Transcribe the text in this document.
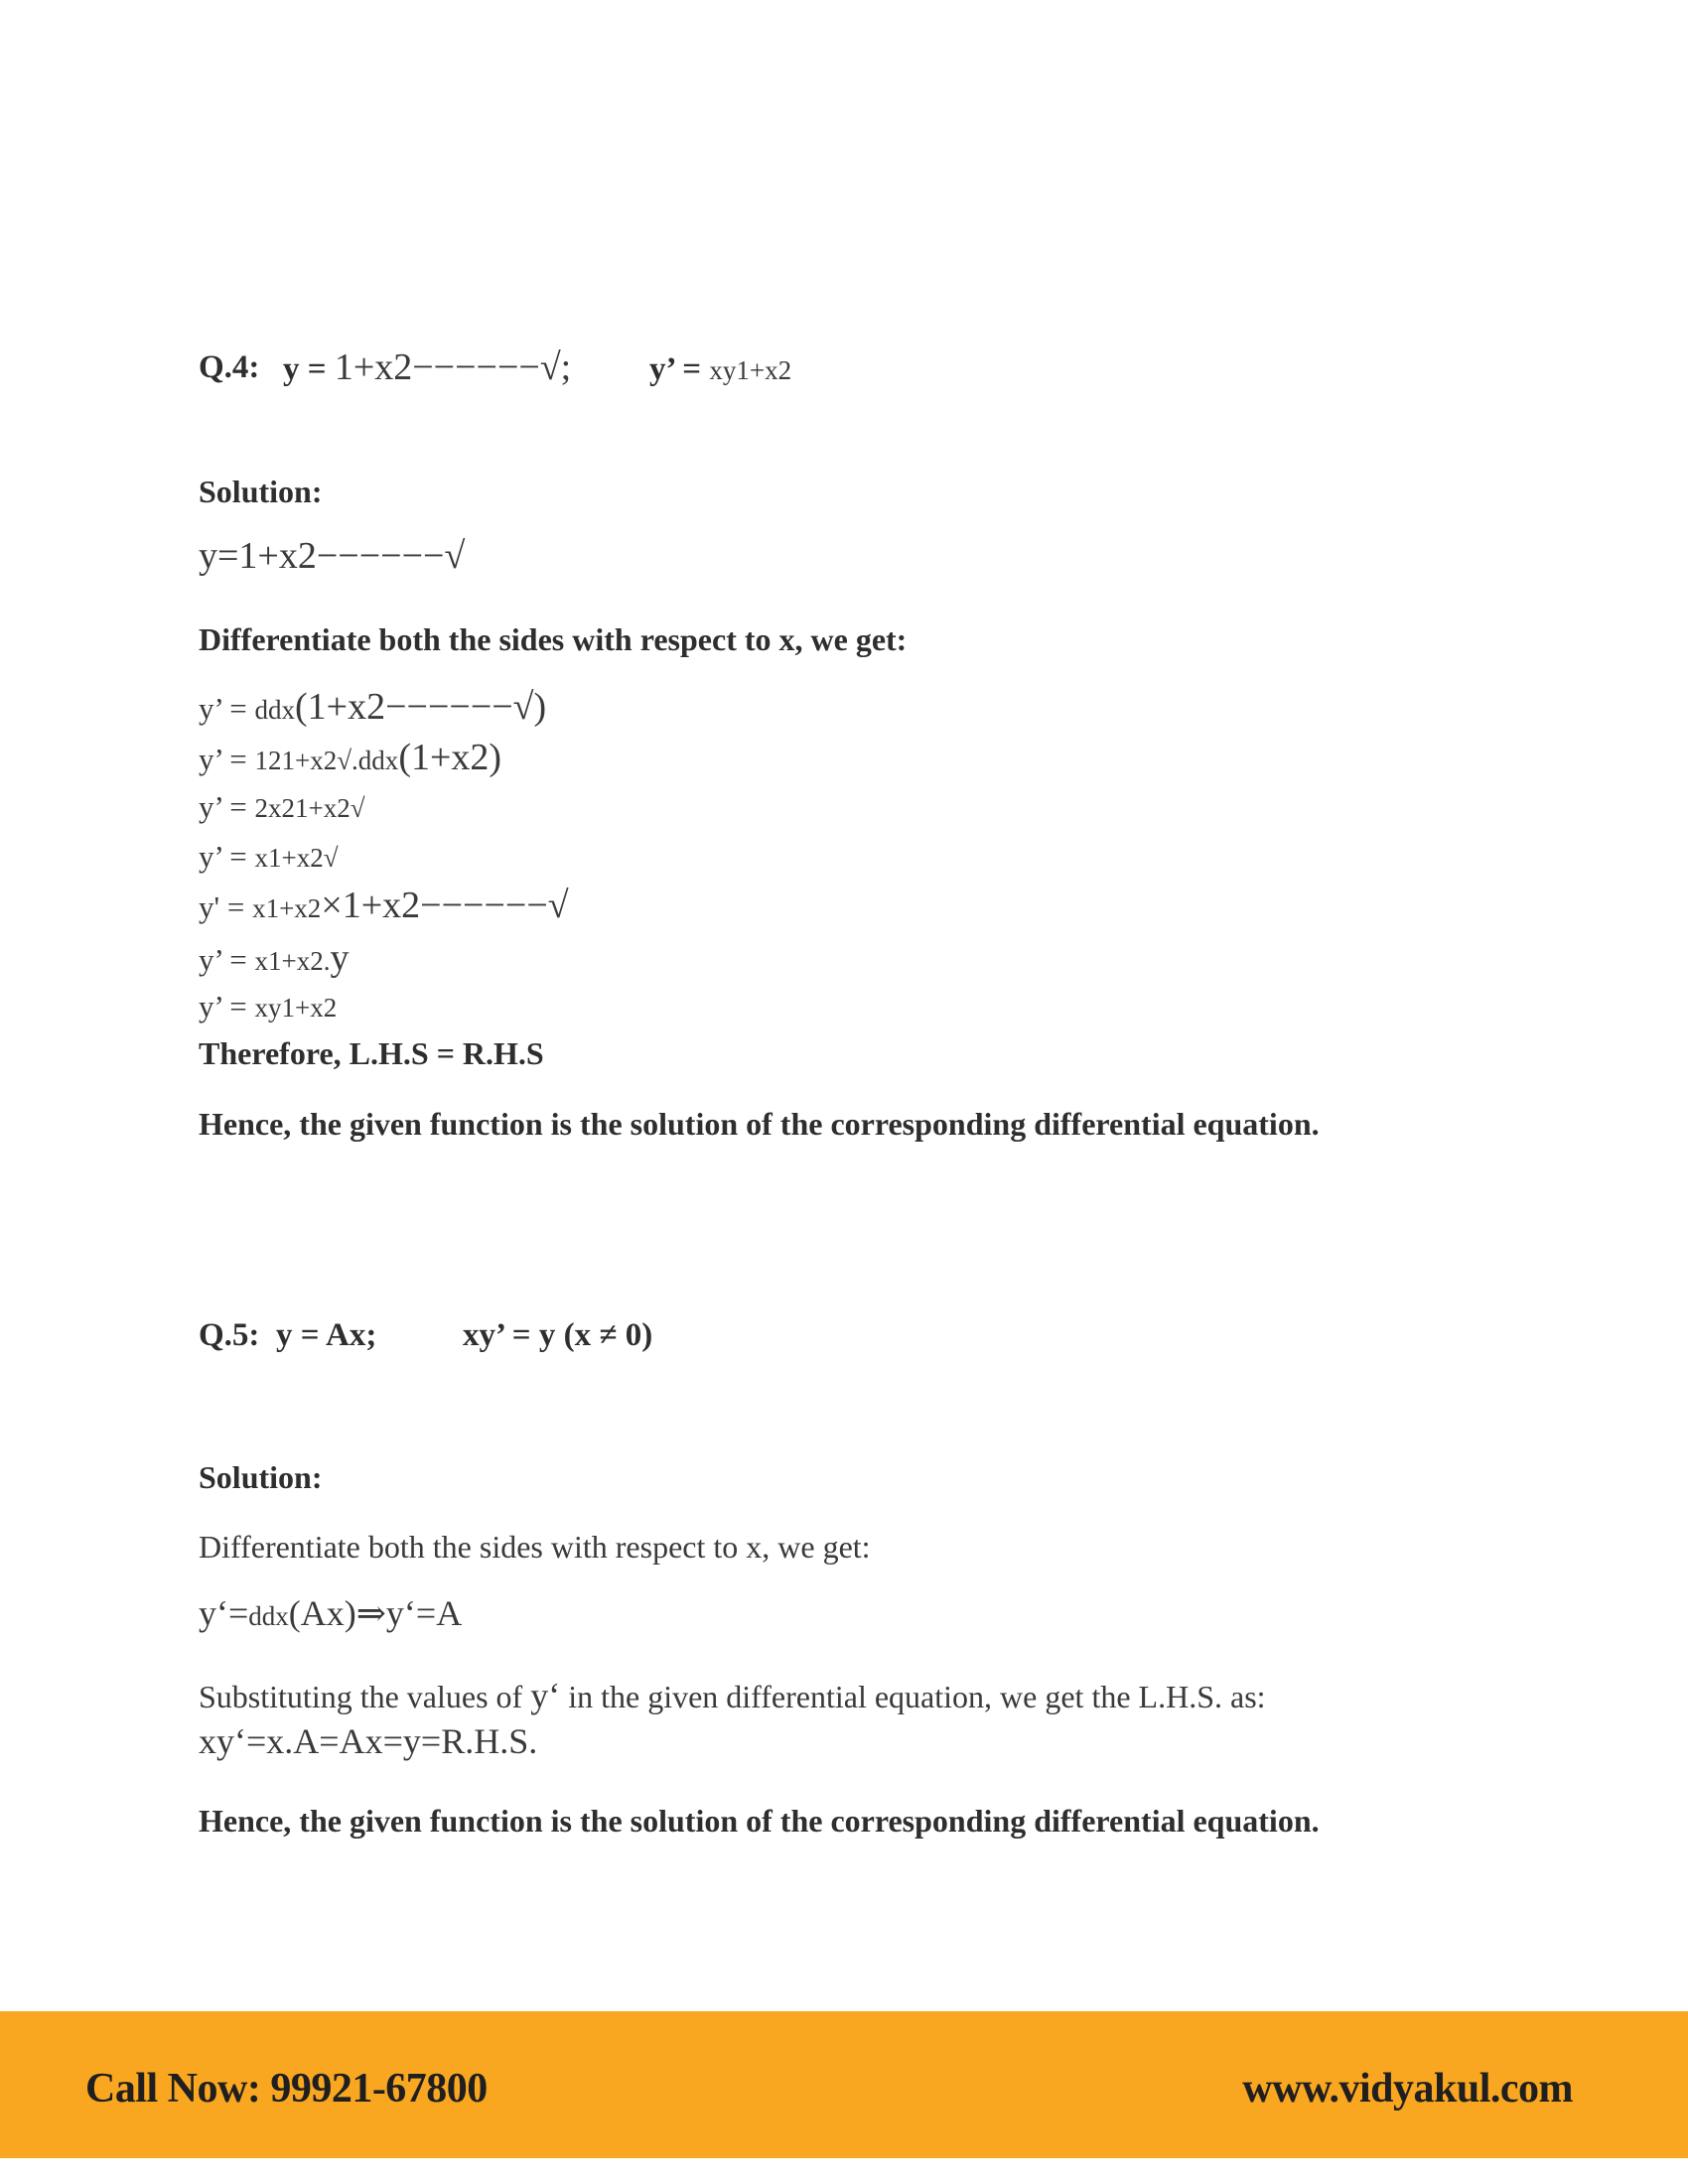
Q.4: y = 1+x2−−−−−−√; y’ = xy1+x2
Solution:
y=1+x2−−−−−−√
Differentiate both the sides with respect to x, we get:
y’ = ddx(1+x2−−−−−−√)
y’ = 121+x2√.ddx(1+x2)
y’ = 2x21+x2√
y’ = x1+x2√
y' = x1+x2×1+x2−−−−−−√
y’ = x1+x2.y
y’ = xy1+x2
Therefore, L.H.S = R.H.S
Hence, the given function is the solution of the corresponding differential equation.
Q.5: y = Ax;	xy’ = y (x ≠ 0)
Solution:
Differentiate both the sides with respect to x, we get:
y‘=ddx(Ax)⇒y‘=A
Substituting the values of y‘ in the given differential equation, we get the L.H.S. as:
xy‘=x.A=Ax=y=R.H.S.
Hence, the given function is the solution of the corresponding differential equation.
Call Now: 99921-67800	www.vidyakul.com
